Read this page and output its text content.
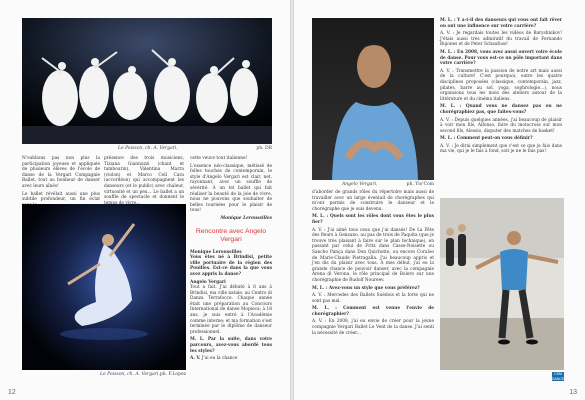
Le Poisson, ch. A. Vergari,	ph. DR

N'oublions pas non plus la participation joyeuse et appliquée de plusieurs élèves de l'école de danse de la Vergari Compagnie Ballet, tout au bonheur de danser avec leurs aînés!

Le ballet révélait aussi une plus subtile profondeur, un fin éclat

présence des trois musiciens, Tiziana Giannuzzi (chant et tambourin), Valentina Marra (violon) et Marco Cell Cara (accordéon) qui accompagnent les danseurs (et le public) avec chaleur, virtuosité et un peu... Le ballet a un souffle de spectacle et donnent le

cette veuve tout italienne!

L'essence néo-classique, métissé de folles touches de contemporain, le style d'Angelo Vergari est clair, net, rayonnant, avec un souffle de sévérité. À un tel ballet qui fait réaliser la beauté de la joie de vivre, nous ne pouvons que souhaiter de belles tournées pour le plaisir de tous!

Monique Leroussilles

Rencontre avec Angelo Vergari

Monique Leroussilles
Vous êtes né à Brindisi, petite ville portuaire de la région des Pouilles. Est-ce dans la que vous avez appris la danse?

Angelo Vergari
Tout a fait. J'ai débuté à 8 ans à Brindisi, ma ville natale, au Centro di Danza Terrafocce. Chaque année était une préparation au Concours International de danse Mopieca; à 18 ans, je suis entré à l'Académie comme interne; et ma formation s'est terminée par le diplôme de danseur professionnel.

M. L. Par la suite, dans votre parcours, avez-vous abordé tous les styles?

A. V. J'ai eu la chance

Le Poisson, ch. A. Vergari, ph. F.Lopez
12
Angelo Vergari,	ph. Yio'Com

d'aborder de grands rôles du répertoire mais aussi de travailler avec un large éventail de chorégraphes qui m'ont permis de construire le danseur et le chorégraphe que je suis devenu.

M. L. : Quels sont les rôles dont vous êtes le plus fier?

A. V. : J'ai aimé tous ceux que j'ai dansés! De La Fête des fleurs à Genzano, au pas de trois de Paquita (que je trouve très plaisant à faire sur le plan technique), en passant par celui de Fritz dans Casse-Noisette ou Sancho Pança dans Don Quichotte, ou encore Coraloo de Marie-Claude Pietragalla. J'ai beaucoup appris et j'en dis du plaisir avec tous. À mes début, j'ai eu la grande chance de pouvoir danser, avec la compagnie Arena di Verona, le rôle principal de Bolero sur une chorégraphie de Rudolf Noureev.

M. L. : Avez-vous un style que vous préférez?

A. V. : Mercedes des Ballets Suédois et la forte qui ne sont pas mal.

M. L. : Comment est venue l'envie de chorégraphier?

A. V. : En 2008, j'ai eu envie de créer pour la jeune compagnie Vergari Ballet Le Vent de la danse. J'ai senti la nécessité de créer...

M. L. : Y a-t-il des danseurs qui vous ont fait rêver ou ont une influence sur votre carrière?

A. V. : Je regardais toutes les vidéos de Baryshnikov! J'étais aussi très admiratif du travail de Fernando Bujones et de Peter Schaufuss!

M. L. : En 2008, vous avez aussi ouvert votre école de danse. Pour vous est-ce un pôle important dans votre carrière?

A. V. : Transmettre la passion de notre art mais aussi de la culture! C'est pourquoi, outre les quatre disciplines proposées (classique, contemporain, jazz, pilates, barre au sol, yoga, sophrologie...), nous organisons tous les mois des ateliers autour de la littérature et du cinéma italiens.

M. L. : Quand vous ne dansez pas ou ne chorégraphiez pas, que faites-vous?

A. V. : Depuis quelques années, j'ai beaucoup de plaisir à voir mon fils, Alfonso, faire du motocross sur mon second fils, Alessio, disputer des matches de basket!

M. L. : Comment peut-on vous définir?

A. V. : Je dirai simplement que c'est ce que je fais dans ma vie, qui je le fais à fond, soit je ne le fais pas!

CSM DANCE
13
